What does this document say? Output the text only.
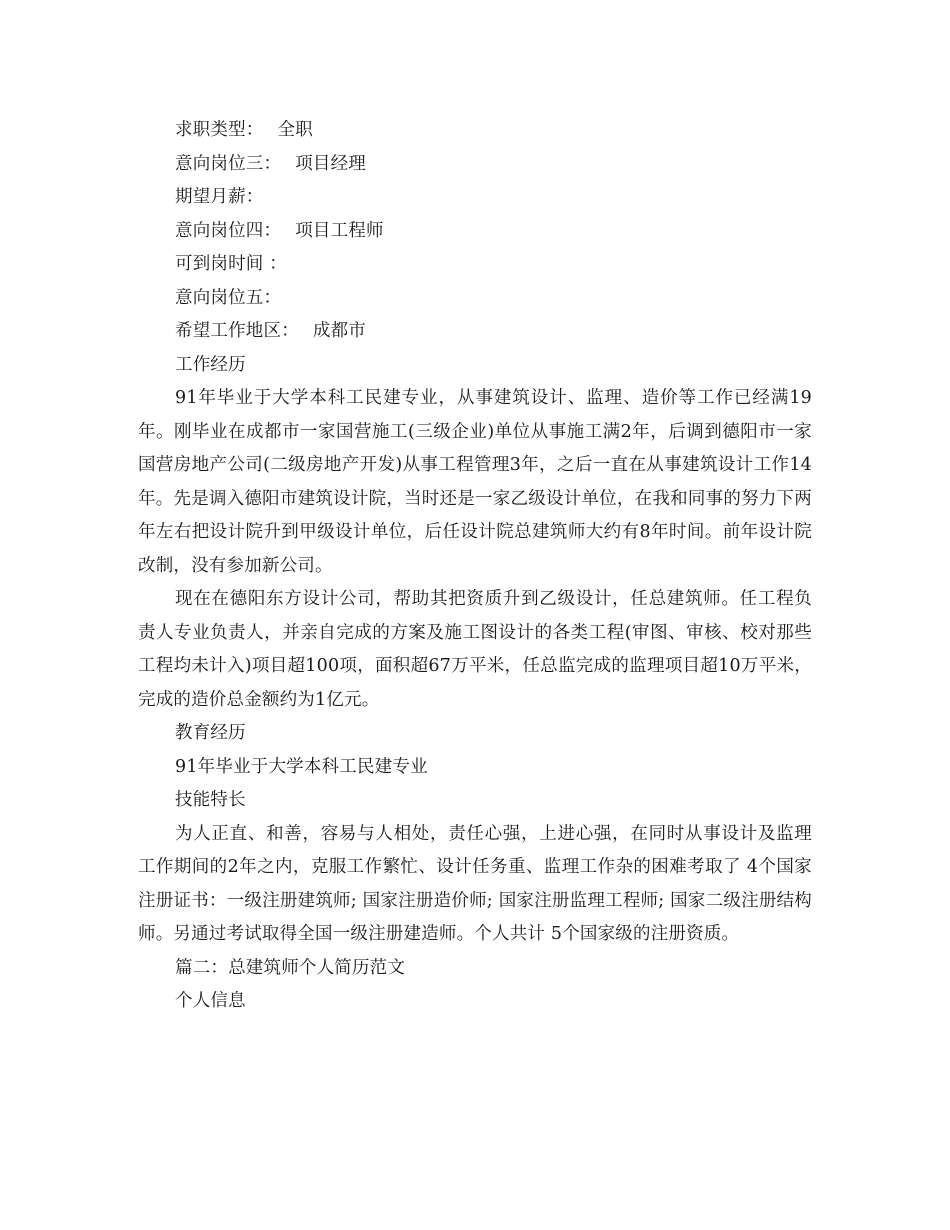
求职类型： 全职

意向岗位三： 项目经理

期望月薪：

意向岗位四： 项目工程师

可到岗时间 ：

意向岗位五：

希望工作地区： 成都市

工作经历

91年毕业于大学本科工民建专业，从事建筑设计、监理、造价等工作已经满19年。刚毕业在成都市一家国营施工(三级企业)单位从事施工满2年，后调到德阳市一家国营房地产公司(二级房地产开发)从事工程管理3年，之后一直在从事建筑设计工作14年。先是调入德阳市建筑设计院，当时还是一家乙级设计单位，在我和同事的努力下两年左右把设计院升到甲级设计单位，后任设计院总建筑师大约有8年时间。前年设计院改制，没有参加新公司。

现在在德阳东方设计公司，帮助其把资质升到乙级设计，任总建筑师。任工程负责人专业负责人，并亲自完成的方案及施工图设计的各类工程(审图、审核、校对那些工程均未计入)项目超100项，面积超67万平米，任总监完成的监理项目超10万平米，完成的造价总金额约为1亿元。

教育经历

91年毕业于大学本科工民建专业

技能特长

为人正直、和善，容易与人相处，责任心强，上进心强，在同时从事设计及监理工作期间的2年之内，克服工作繁忙、设计任务重、监理工作杂的困难考取了 4个国家注册证书：一级注册建筑师; 国家注册造价师; 国家注册监理工程师; 国家二级注册结构师。另通过考试取得全国一级注册建造师。个人共计 5个国家级的注册资质。

篇二：总建筑师个人简历范文

个人信息
